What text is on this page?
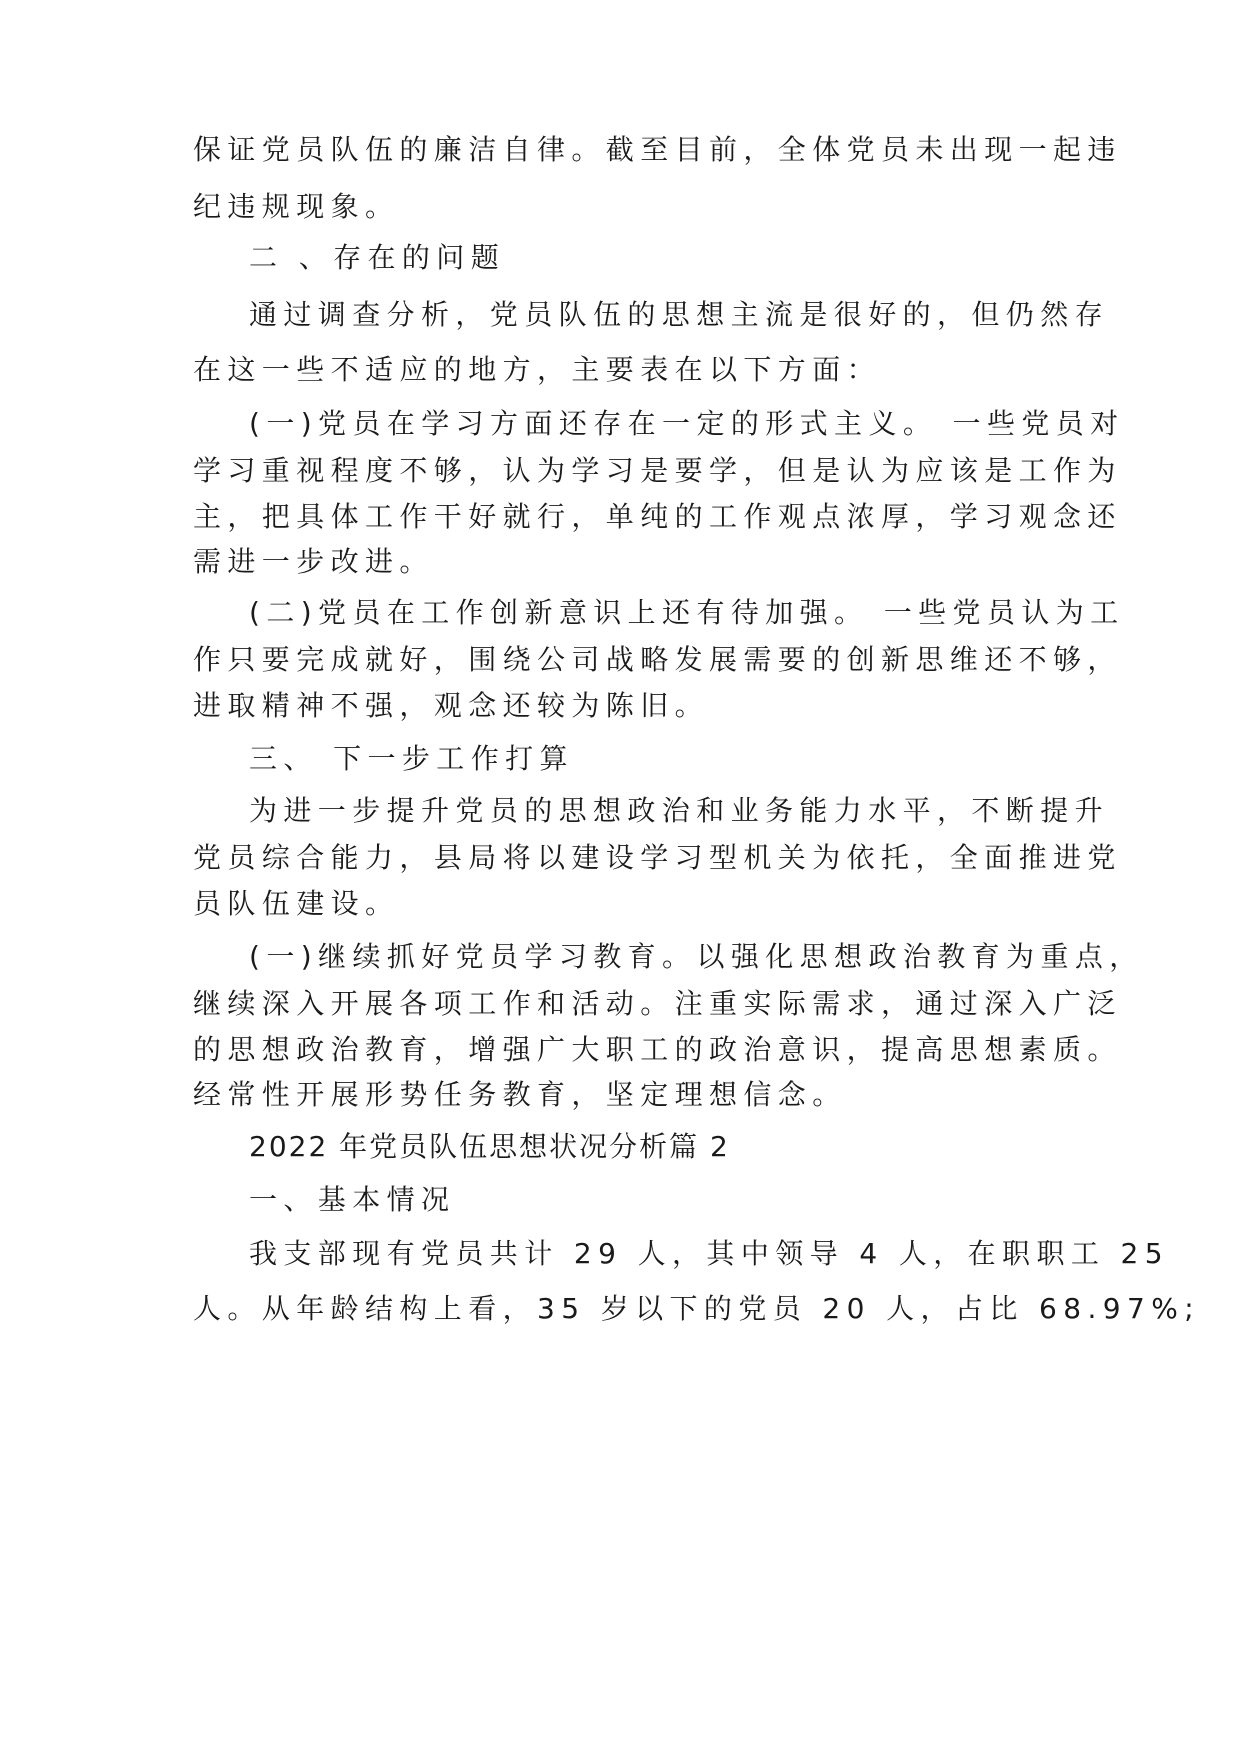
保证党员队伍的廉洁自律。截至目前，全体党员未出现一起违
纪违规现象。
二 、存在的问题
通过调查分析，党员队伍的思想主流是很好的，但仍然存
在这一些不适应的地方，主要表在以下方面：
(一)党员在学习方面还存在一定的形式主义。 一些党员对
学习重视程度不够，认为学习是要学，但是认为应该是工作为
主，把具体工作干好就行，单纯的工作观点浓厚，学习观念还
需进一步改进。
(二)党员在工作创新意识上还有待加强。 一些党员认为工
作只要完成就好，围绕公司战略发展需要的创新思维还不够，
进取精神不强，观念还较为陈旧。
三、 下一步工作打算
为进一步提升党员的思想政治和业务能力水平，不断提升
党员综合能力，县局将以建设学习型机关为依托，全面推进党
员队伍建设。
(一)继续抓好党员学习教育。以强化思想政治教育为重点，
继续深入开展各项工作和活动。注重实际需求，通过深入广泛
的思想政治教育，增强广大职工的政治意识，提高思想素质。
经常性开展形势任务教育，坚定理想信念。
2022 年党员队伍思想状况分析篇 2
一、基本情况
我支部现有党员共计 29 人，其中领导 4 人，在职职工 25
人。从年龄结构上看，35 岁以下的党员 20 人，占比 68.97%;
